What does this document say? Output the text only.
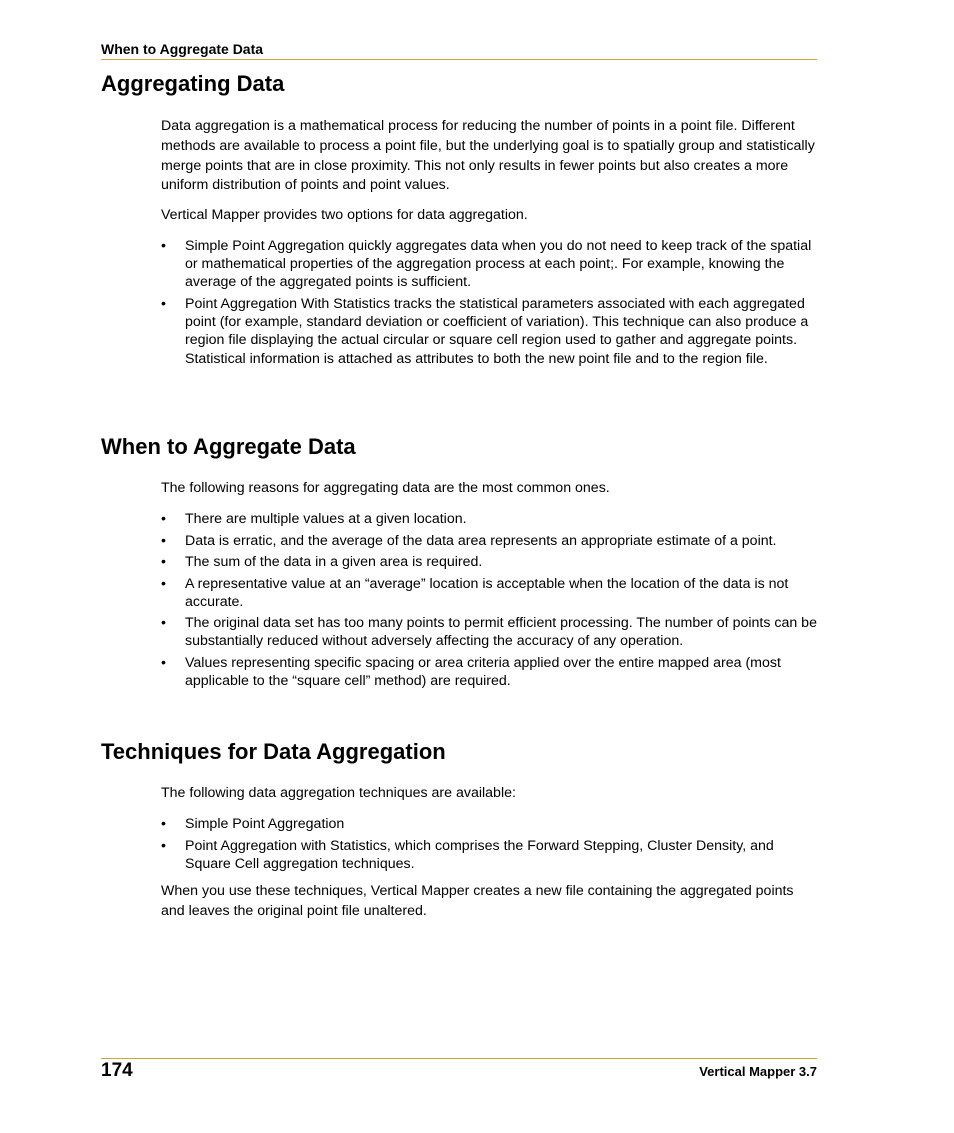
When to Aggregate Data
Aggregating Data

Data aggregation is a mathematical process for reducing the number of points in a point file. Different methods are available to process a point file, but the underlying goal is to spatially group and statistically merge points that are in close proximity. This not only results in fewer points but also creates a more uniform distribution of points and point values.

Vertical Mapper provides two options for data aggregation.

• Simple Point Aggregation quickly aggregates data when you do not need to keep track of the spatial or mathematical properties of the aggregation process at each point;. For example, knowing the average of the aggregated points is sufficient.
• Point Aggregation With Statistics tracks the statistical parameters associated with each aggregated point (for example, standard deviation or coefficient of variation). This technique can also produce a region file displaying the actual circular or square cell region used to gather and aggregate points. Statistical information is attached as attributes to both the new point file and to the region file.
When to Aggregate Data

The following reasons for aggregating data are the most common ones.

• There are multiple values at a given location.
• Data is erratic, and the average of the data area represents an appropriate estimate of a point.
• The sum of the data in a given area is required.
• A representative value at an “average” location is acceptable when the location of the data is not accurate.
• The original data set has too many points to permit efficient processing. The number of points can be substantially reduced without adversely affecting the accuracy of any operation.
• Values representing specific spacing or area criteria applied over the entire mapped area (most applicable to the “square cell” method) are required.
Techniques for Data Aggregation

The following data aggregation techniques are available:

• Simple Point Aggregation
• Point Aggregation with Statistics, which comprises the Forward Stepping, Cluster Density, and Square Cell aggregation techniques.

When you use these techniques, Vertical Mapper creates a new file containing the aggregated points and leaves the original point file unaltered.

174	Vertical Mapper 3.7
